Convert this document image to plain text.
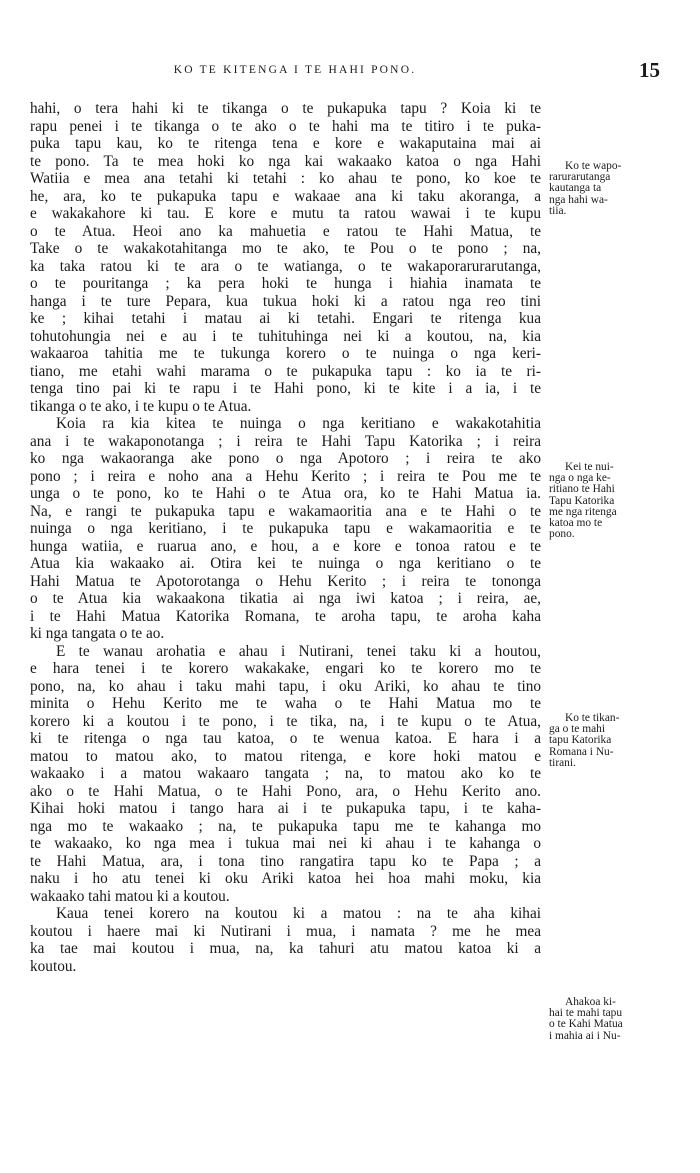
KO TE KITENGA I TE HAHI PONO.	15
hahi, o tera hahi ki te tikanga o te pukapuka tapu ? Koia ki te
rapu penei i te tikanga o te ako o te hahi ma te titiro i te puka-
puka tapu kau, ko te ritenga tena e kore e wakaputaina mai ai
te pono. Ta te mea hoki ko nga kai wakaako katoa o nga Hahi
Watiia e mea ana tetahi ki tetahi : ko ahau te pono, ko koe te
he, ara, ko te pukapuka tapu e wakaae ana ki taku akoranga, a
e wakakahore ki tau. E kore e mutu ta ratou wawai i te kupu
o te Atua. Heoi ano ka mahuetia e ratou te Hahi Matua, te
Take o te wakakotahitanga mo te ako, te Pou o te pono ; na,
ka taka ratou ki te ara o te watianga, o te wakaporarurarutanga,
o te pouritanga ; ka pera hoki te hunga i hiahia inamata te
hanga i te ture Pepara, kua tukua hoki ki a ratou nga reo tini
ke ; kihai tetahi i matau ai ki tetahi. Engari te ritenga kua
tohutohungia nei e au i te tuhituhinga nei ki a koutou, na, kia
wakaaroa tahitia me te tukunga korero o te nuinga o nga keri-
tiano, me etahi wahi marama o te pukapuka tapu : ko ia te ri-
tenga tino pai ki te rapu i te Hahi pono, ki te kite i a ia, i te
tikanga o te ako, i te kupu o te Atua.
Koia ra kia kitea te nuinga o nga keritiano e wakakotahitia
ana i te wakaponotanga ; i reira te Hahi Tapu Katorika ; i reira
ko nga wakaoranga ake pono o nga Apotoro ; i reira te ako
pono ; i reira e noho ana a Hehu Kerito ; i reira te Pou me te
unga o te pono, ko te Hahi o te Atua ora, ko te Hahi Matua ia.
Na, e rangi te pukapuka tapu e wakamaoritia ana e te Hahi o te
nuinga o nga keritiano, i te pukapuka tapu e wakamaoritia e te
hunga watiia, e ruarua ano, e hou, a e kore e tonoa ratou e te
Atua kia wakaako ai. Otira kei te nuinga o nga keritiano o te
Hahi Matua te Apotorotanga o Hehu Kerito ; i reira te tononga
o te Atua kia wakaakona tikatia ai nga iwi katoa ; i reira, ae,
i te Hahi Matua Katorika Romana, te aroha tapu, te aroha kaha
ki nga tangata o te ao.
E te wanau arohatia e ahau i Nutirani, tenei taku ki a houtou,
e hara tenei i te korero wakakake, engari ko te korero mo te
pono, na, ko ahau i taku mahi tapu, i oku Ariki, ko ahau te tino
minita o Hehu Kerito me te waha o te Hahi Matua mo te
korero ki a koutou i te pono, i te tika, na, i te kupu o te Atua,
ki te ritenga o nga tau katoa, o te wenua katoa. E hara i a
matou to matou ako, to matou ritenga, e kore hoki matou e
wakaako i a matou wakaaro tangata ; na, to matou ako ko te
ako o te Hahi Matua, o te Hahi Pono, ara, o Hehu Kerito ano.
Kihai hoki matou i tango hara ai i te pukapuka tapu, i te kaha-
nga mo te wakaako ; na, te pukapuka tapu me te kahanga mo
te wakaako, ko nga mea i tukua mai nei ki ahau i te kahanga o
te Hahi Matua, ara, i tona tino rangatira tapu ko te Papa ; a
naku i ho atu tenei ki oku Ariki katoa hei hoa mahi moku, kia
wakaako tahi matou ki a koutou.
Kaua tenei korero na koutou ki a matou : na te aha kihai
koutou i haere mai ki Nutirani i mua, i namata ? me he mea
ka tae mai koutou i mua, na, ka tahuri atu matou katoa ki a
koutou.
Ko te wapo-
rarurarutanga
kautanga ta
nga hahi wa-
tiia.
Kei te nui-
nga o nga ke-
ritiano te Hahi
Tapu Katorika
me nga ritenga
katoa mo te
pono.
Ko te tikan-
ga o te mahi
tapu Katorika
Romana i Nu-
tirani.
Ahakoa ki-
hai te mahi tapu
o te Kahi Matua
i mahia ai i Nu-
